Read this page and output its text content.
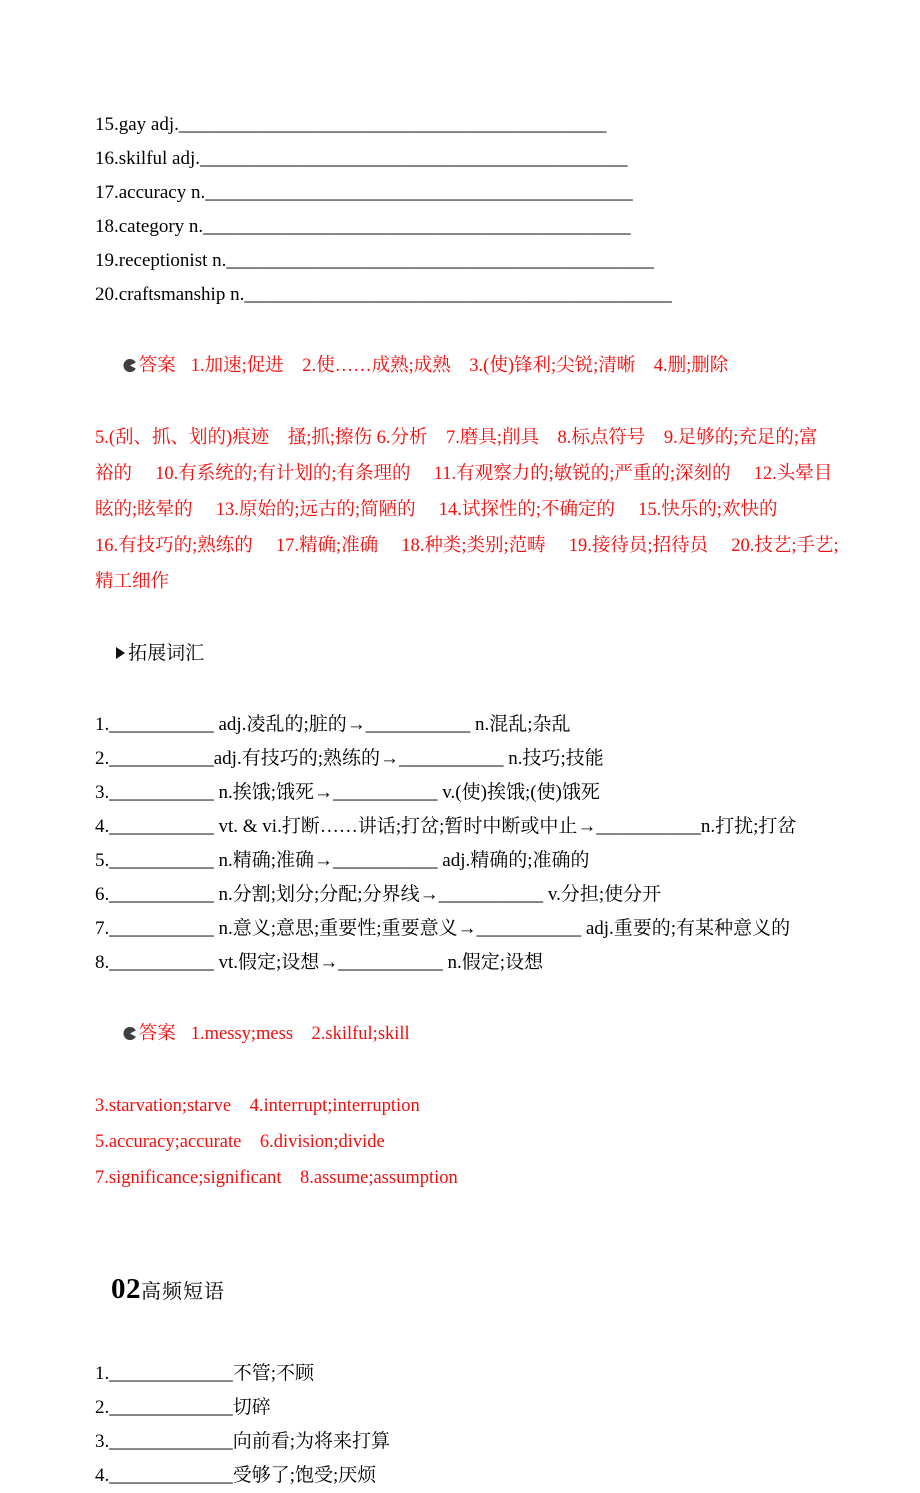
15.gay adj._____________________________________________
16.skilful adj._____________________________________________
17.accuracy n._____________________________________________
18.category n._____________________________________________
19.receptionist n._____________________________________________
20.craftsmanship n._____________________________________________

答案 1.加速;促进　2.使……成熟;成熟　3.(使)锋利;尖锐;清晰　4.删;删除

5.(刮、抓、划的)痕迹　搔;抓;擦伤 6.分析　7.磨具;削具　8.标点符号　9.足够的;充足的;富
裕的　 10.有系统的;有计划的;有条理的　 11.有观察力的;敏锐的;严重的;深刻的　 12.头晕目
眩的;眩晕的　 13.原始的;远古的;简陋的　 14.试探性的;不确定的　 15.快乐的;欢快的
16.有技巧的;熟练的　 17.精确;准确　 18.种类;类别;范畴　 19.接待员;招待员　 20.技艺;手艺;
精工细作

拓展词汇

1.___________ adj.凌乱的;脏的→___________ n.混乱;杂乱
2.___________adj.有技巧的;熟练的→___________ n.技巧;技能
3.___________ n.挨饿;饿死→___________ v.(使)挨饿;(使)饿死
4.___________ vt. & vi.打断……讲话;打岔;暂时中断或中止→___________n.打扰;打岔
5.___________ n.精确;准确→___________ adj.精确的;准确的
6.___________ n.分割;划分;分配;分界线→___________ v.分担;使分开
7.___________ n.意义;意思;重要性;重要意义→___________ adj.重要的;有某种意义的
8.___________ vt.假定;设想→___________ n.假定;设想

答案 1.messy;mess　2.skilful;skill

3.starvation;starve　4.interrupt;interruption
5.accuracy;accurate　6.division;divide
7.significance;significant　8.assume;assumption

02高频短语

1._____________不管;不顾
2._____________切碎
3._____________向前看;为将来打算
4._____________受够了;饱受;厌烦
